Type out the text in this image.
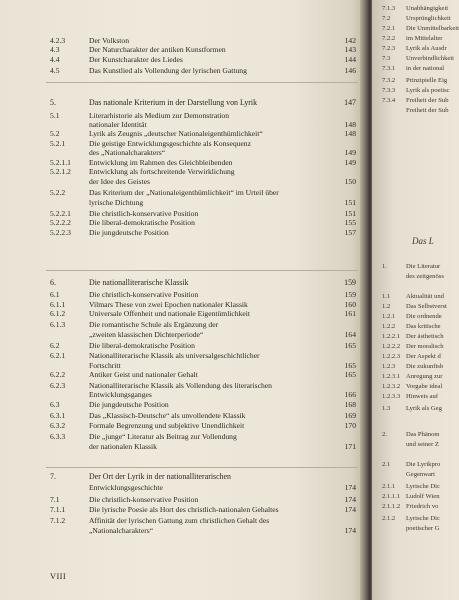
4.2.3	Der Volkston	142
4.3	Der Naturcharakter der antiken Kunstformen	143
4.4	Der Kunstcharakter des Liedes	144
4.5	Das Kunstlied als Vollendung der lyrischen Gattung	146
5.	Das nationale Kriterium in der Darstellung von Lyrik	147
5.1	Literarhistorie als Medium zur Demonstration
nationaler Identität	148
5.2	Lyrik als Zeugnis „deutscher Nationaleigenthümlichkeit“	148
5.2.1	Die geistige Entwicklungsgeschichte als Konsequenz
des „Nationalcharakters“	149
5.2.1.1 Entwicklung im Rahmen des Gleichbleibenden	149
5.2.1.2 Entwicklung als fortschreitende Verwirklichung
der Idee des Geistes	150
5.2.2	Das Kriterium der „Nationaleigenthümlichkeit“ im Urteil über
lyrische Dichtung	151
5.2.2.1 Die christlich-konservative Position	151
5.2.2.2 Die liberal-demokratische Position	155
5.2.2.3 Die jungdeutsche Position	157
6.	Die nationalliterarische Klassik	159
6.1	Die christlich-konservative Position	159
6.1.1	Vilmars These von zwei Epochen nationaler Klassik	160
6.1.2	Universale Offenheit und nationale Eigentümlichkeit	161
6.1.3	Die romantische Schule als Ergänzung der
„zweiten klassischen Dichterperiode“	164
6.2	Die liberal-demokratische Position	165
6.2.1	Nationalliterarische Klassik als universalgeschichtlicher
Fortschritt	165
6.2.2	Antiker Geist und nationaler Gehalt	165
6.2.3	Nationalliterarische Klassik als Vollendung des literarischen
Entwicklungsganges	166
6.3	Die jungdeutsche Position	168
6.3.1	Das „Klassisch-Deutsche“ als unvollendete Klassik	169
6.3.2	Formale Begrenzung und subjektive Unendlichkeit	170
6.3.3	Die „junge“ Literatur als Beitrag zur Vollendung
der nationalen Klassik	171
7.	Der Ort der Lyrik in der nationalliterarischen
Entwicklungsgeschichte	174
7.1	Die christlich-konservative Position	174
7.1.1	Die lyrische Poesie als Hort des christlich-nationalen Gehaltes	174
7.1.2	Affinität der lyrischen Gattung zum christlichen Gehalt des
„Nationalcharakters“	174
VIII
7.1.3 Unabhängigkeit
7.2 Ursprünglichkeit
7.2.1 Die Unmittelbarkeit
7.2.2 im Mittelalter
7.2.3 Lyrik als Ausdr
7.3 Unverbindlichkeit
7.3.1 in der national
7.3.2 Prinzipielle Eig
7.3.3 Lyrik als poetisc
7.3.4 Freiheit der Sub
Freiheit der Sub
Das L
1.	Die Literatur
des zeitgenöss
1.1 Aktualität und
1.2 Das Selbstverst
1.2.1 Die ordnende
1.2.2 Das kritische
1.2.2.1 Der ästhetisch
1.2.2.2 Der moralisch
1.2.2.3 Der Aspekt d
1.2.3 Die zukunftsb
1.2.3.1 Anregung zur
1.2.3.2 Vorgabe ideal
1.2.3.3 Hinweis auf
1.3 Lyrik als Geg
2.	Das Phänom
und seiner Z
2.1 Die Lyrikpro
Gegenwart
2.1.1 Lyrische Dic
2.1.1.1 Ludolf Wien
2.1.1.2 Friedrich vo
2.1.2 Lyrische Dic
poetischer G
